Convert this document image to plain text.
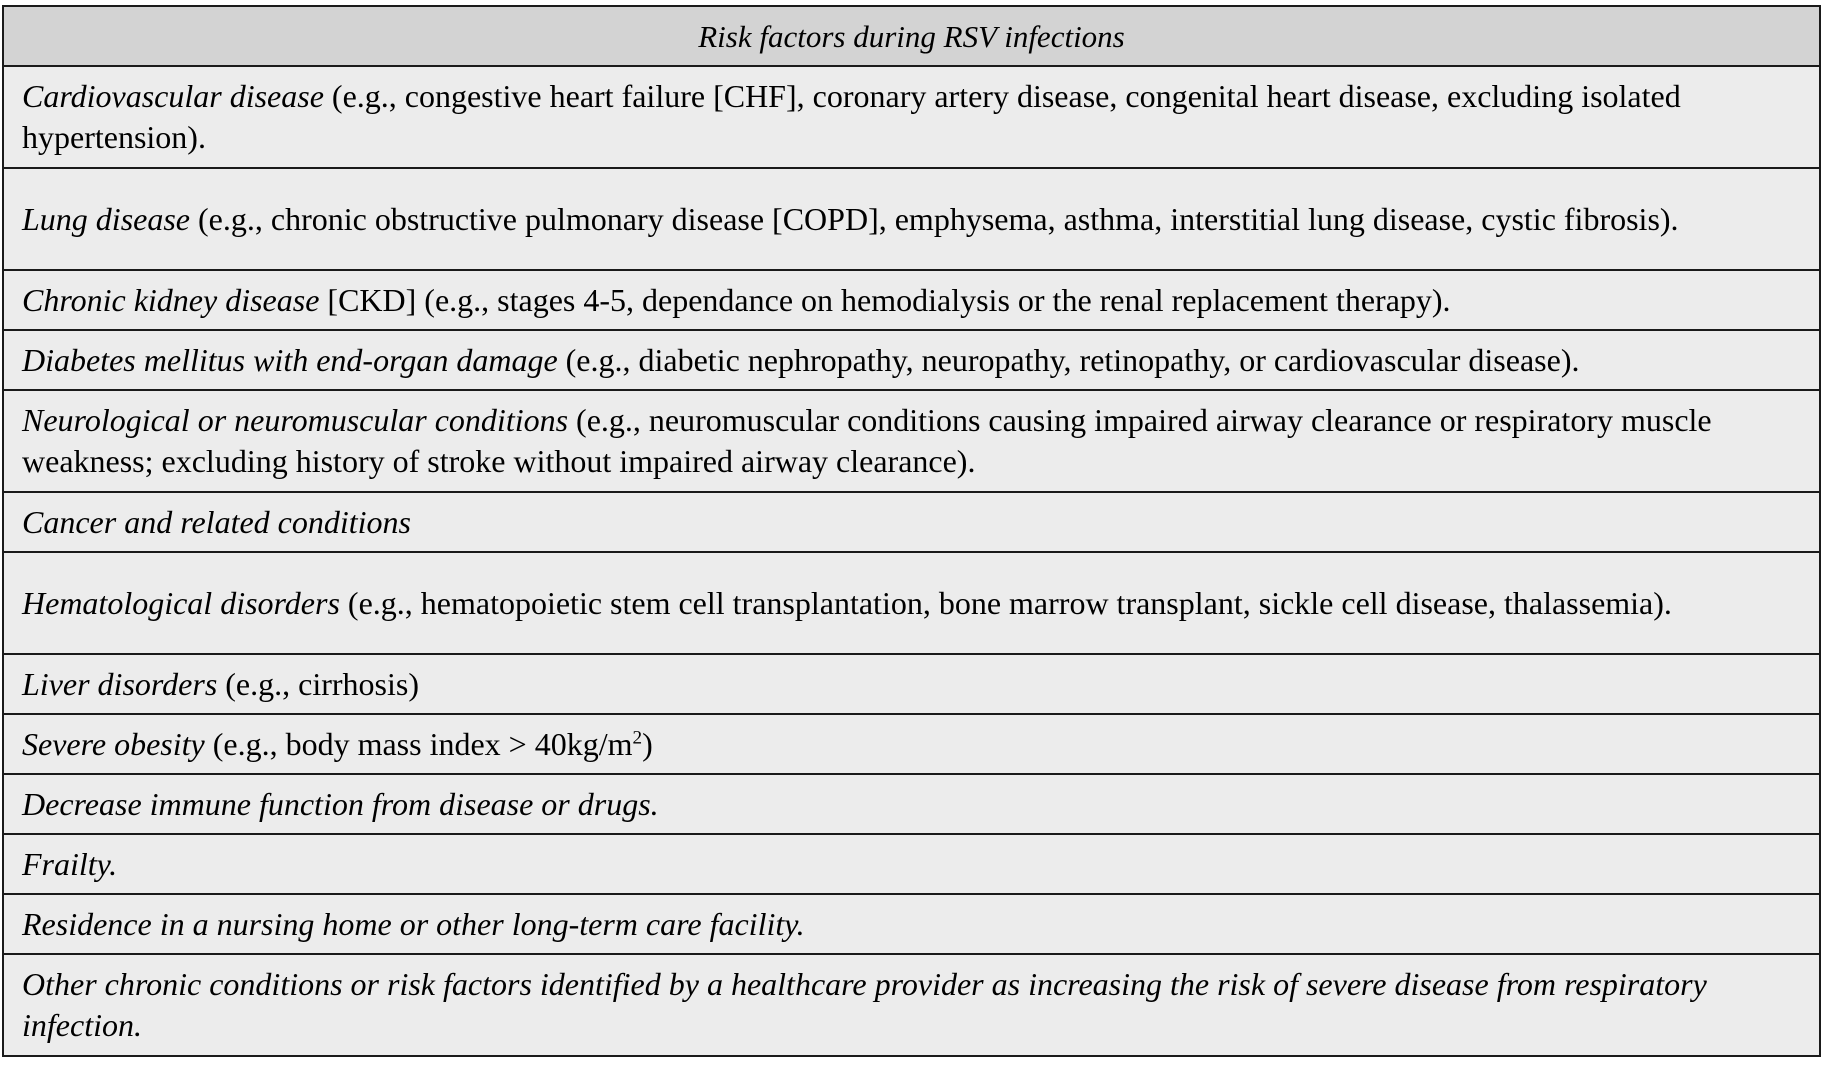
Risk factors during RSV infections
Cardiovascular disease (e.g., congestive heart failure [CHF], coronary artery disease, congenital heart disease, excluding isolated hypertension).
Lung disease (e.g., chronic obstructive pulmonary disease [COPD], emphysema, asthma, interstitial lung disease, cystic fibrosis).
Chronic kidney disease [CKD] (e.g., stages 4-5, dependance on hemodialysis or the renal replacement therapy).
Diabetes mellitus with end-organ damage (e.g., diabetic nephropathy, neuropathy, retinopathy, or cardiovascular disease).
Neurological or neuromuscular conditions (e.g., neuromuscular conditions causing impaired airway clearance or respiratory muscle weakness; excluding history of stroke without impaired airway clearance).
Cancer and related conditions
Hematological disorders (e.g., hematopoietic stem cell transplantation, bone marrow transplant, sickle cell disease, thalassemia).
Liver disorders (e.g., cirrhosis)
Severe obesity (e.g., body mass index > $40kg/m^2$)
Decrease immune function from disease or drugs.
Frailty.
Residence in a nursing home or other long-term care facility.
Other chronic conditions or risk factors identified by a healthcare provider as increasing the risk of severe disease from respiratory infection.
